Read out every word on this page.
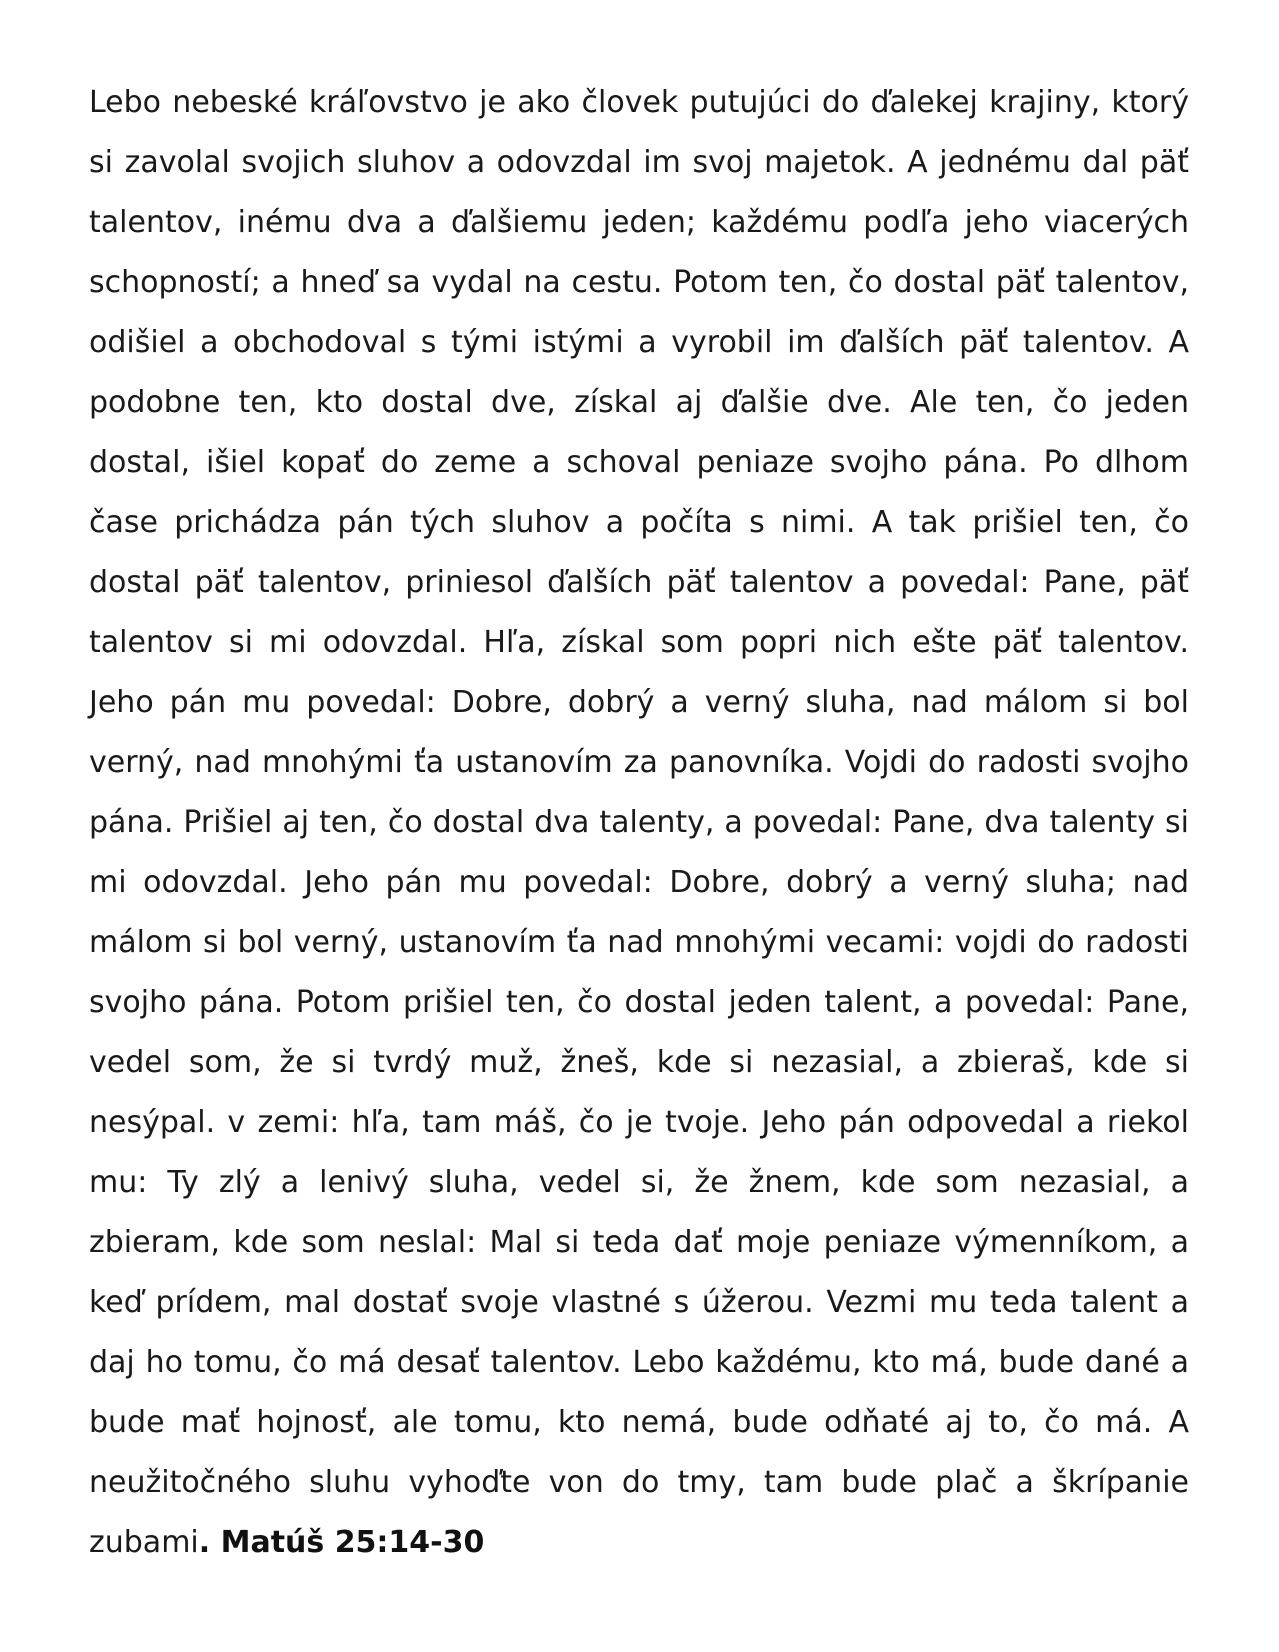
Lebo nebeské kráľovstvo je ako človek putujúci do ďalekej krajiny, ktorý si zavolal svojich sluhov a odovzdal im svoj majetok. A jednému dal päť talentov, inému dva a ďalšiemu jeden; každému podľa jeho viacerých schopností; a hneď sa vydal na cestu. Potom ten, čo dostal päť talentov, odišiel a obchodoval s tými istými a vyrobil im ďalších päť talentov. A podobne ten, kto dostal dve, získal aj ďalšie dve. Ale ten, čo jeden dostal, išiel kopať do zeme a schoval peniaze svojho pána. Po dlhom čase prichádza pán tých sluhov a počíta s nimi. A tak prišiel ten, čo dostal päť talentov, priniesol ďalších päť talentov a povedal: Pane, päť talentov si mi odovzdal. Hľa, získal som popri nich ešte päť talentov. Jeho pán mu povedal: Dobre, dobrý a verný sluha, nad málom si bol verný, nad mnohými ťa ustanovím za panovníka. Vojdi do radosti svojho pána. Prišiel aj ten, čo dostal dva talenty, a povedal: Pane, dva talenty si mi odovzdal. Jeho pán mu povedal: Dobre, dobrý a verný sluha; nad málom si bol verný, ustanovím ťa nad mnohými vecami: vojdi do radosti svojho pána. Potom prišiel ten, čo dostal jeden talent, a povedal: Pane, vedel som, že si tvrdý muž, žneš, kde si nezasial, a zbieraš, kde si nesýpal. v zemi: hľa, tam máš, čo je tvoje. Jeho pán odpovedal a riekol mu: Ty zlý a lenivý sluha, vedel si, že žnem, kde som nezasial, a zbieram, kde som neslal: Mal si teda dať moje peniaze výmenníkom, a keď prídem, mal dostať svoje vlastné s úžerou. Vezmi mu teda talent a daj ho tomu, čo má desať talentov. Lebo každému, kto má, bude dané a bude mať hojnosť, ale tomu, kto nemá, bude odňaté aj to, čo má. A neužitočného sluhu vyhoďte von do tmy, tam bude plač a škrípanie zubami. Matúš 25:14-30
